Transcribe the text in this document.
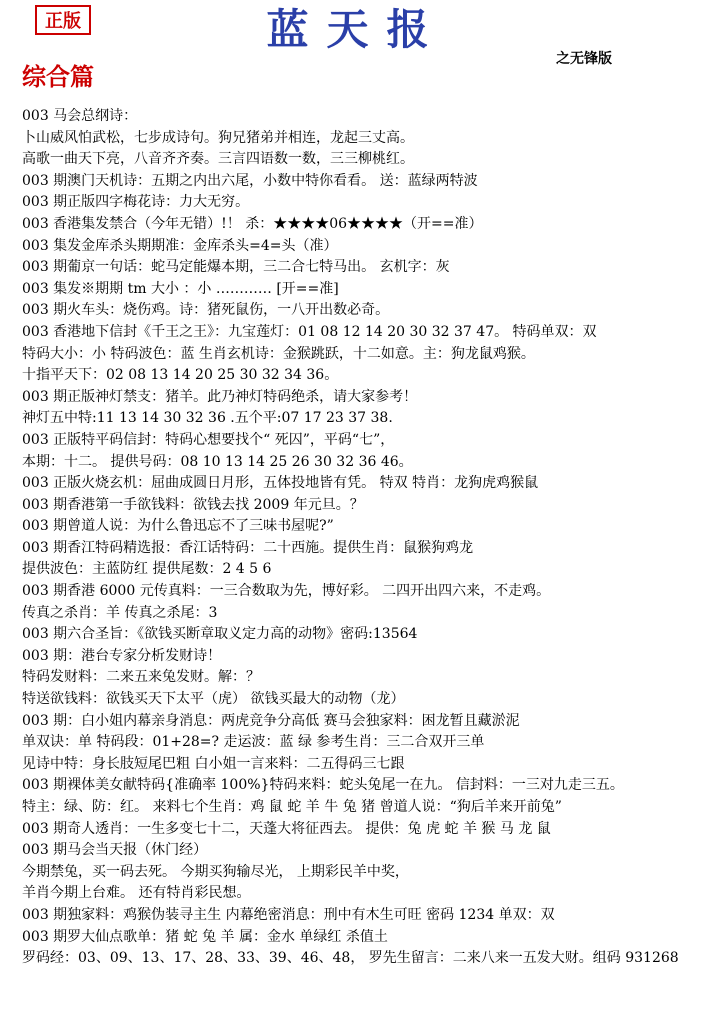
正版	蓝天报
之无锋版
综合篇
003 马会总纲诗：
卜山威风怕武松，七步成诗句。狗兄猪弟并相连，龙起三丈高。
高歌一曲天下亮，八音齐齐奏。三言四语数一数，三三柳桃红。
003 期澳门天机诗：五期之内出六尾，小数中特你看看。 送：蓝绿两特波
003 期正版四字梅花诗：力大无穷。
003 香港集发禁合（今年无错）!！ 杀：★★★★06★★★★（开==准）
003 集发金库杀头期期准：金库杀头=4=头（准）
003 期葡京一句话：蛇马定能爆本期，三二合七特马出。 玄机字：灰
003 集发※期期 tm 大小 ：小 ………… [开==准]
003 期火车头：烧伤鸡。诗：猪死鼠伤，一八开出数必奇。
003 香港地下信封《千王之王》：九宝莲灯：01 08 12 14 20 30 32 37 47。 特码单双：双
特码大小：小 特码波色：蓝 生肖玄机诗：金猴跳跃，十二如意。主：狗龙鼠鸡猴。
十指平天下：02 08 13 14 20 25 30 32 34 36。
003 期正版神灯禁支：猪羊。此乃神灯特码绝杀，请大家参考！
神灯五中特:11 13 14 30 32 36 .五个平:07 17 23 37 38.
003 正版特平码信封：特码心想要找个“ 死囚”，平码“七”，
本期：十二。 提供号码：08 10 13 14 25 26 30 32 36 46。
003 正版火烧玄机：屈曲成圆日月形，五体投地皆有凭。 特双 特肖：龙狗虎鸡猴鼠
003 期香港第一手欲钱料：欲钱去找 2009 年元旦。？
003 期曾道人说：为什么鲁迅忘不了三味书屋呢?”
003 期香江特码精选报：香江话特码：二十西施。提供生肖：鼠猴狗鸡龙
提供波色：主蓝防红 提供尾数：2 4 5 6
003 期香港 6000 元传真料：一三合数取为先，博好彩。 二四开出四六来，不走鸡。
传真之杀肖：羊 传真之杀尾：3
003 期六合圣旨：《欲钱买断章取义定力高的动物》密码:13564
003 期：港台专家分析发财诗！
特码发财料：二来五来兔发财。解：？
特送欲钱料：欲钱买天下太平（虎） 欲钱买最大的动物（龙）
003 期：白小姐内幕亲身消息：两虎竞争分高低 赛马会独家料：困龙暂且藏淤泥
单双诀：单 特码段：01+28=? 走运波：蓝 绿 参考生肖：三二合双开三单
见诗中特：身长肢短尾巴粗 白小姐一言来料：二五得码三七跟
003 期裸体美女献特码{准确率 100%}特码来料：蛇头兔尾一在九。 信封料：一三对九走三五。
特主：绿、防：红。 来料七个生肖：鸡 鼠 蛇 羊 牛 兔 猪 曾道人说：“狗后羊来开前兔”
003 期奇人透肖：一生多变七十二，天蓬大将征西去。 提供：兔 虎 蛇 羊 猴 马 龙 鼠
003 期马会当天报（休门经）
今期禁兔，买一码去死。 今期买狗输尽光， 上期彩民羊中奖，
羊肖今期上台难。 还有特肖彩民想。
003 期独家料：鸡猴伪装寻主生 内幕绝密消息：刑中有木生可旺 密码 1234 单双：双
003 期罗大仙点歌单：猪 蛇 兔 羊 属：金水 单绿红 杀值土
罗码经：03、09、13、17、28、33、39、46、48， 罗先生留言：二来八来一五发大财。组码 931268
